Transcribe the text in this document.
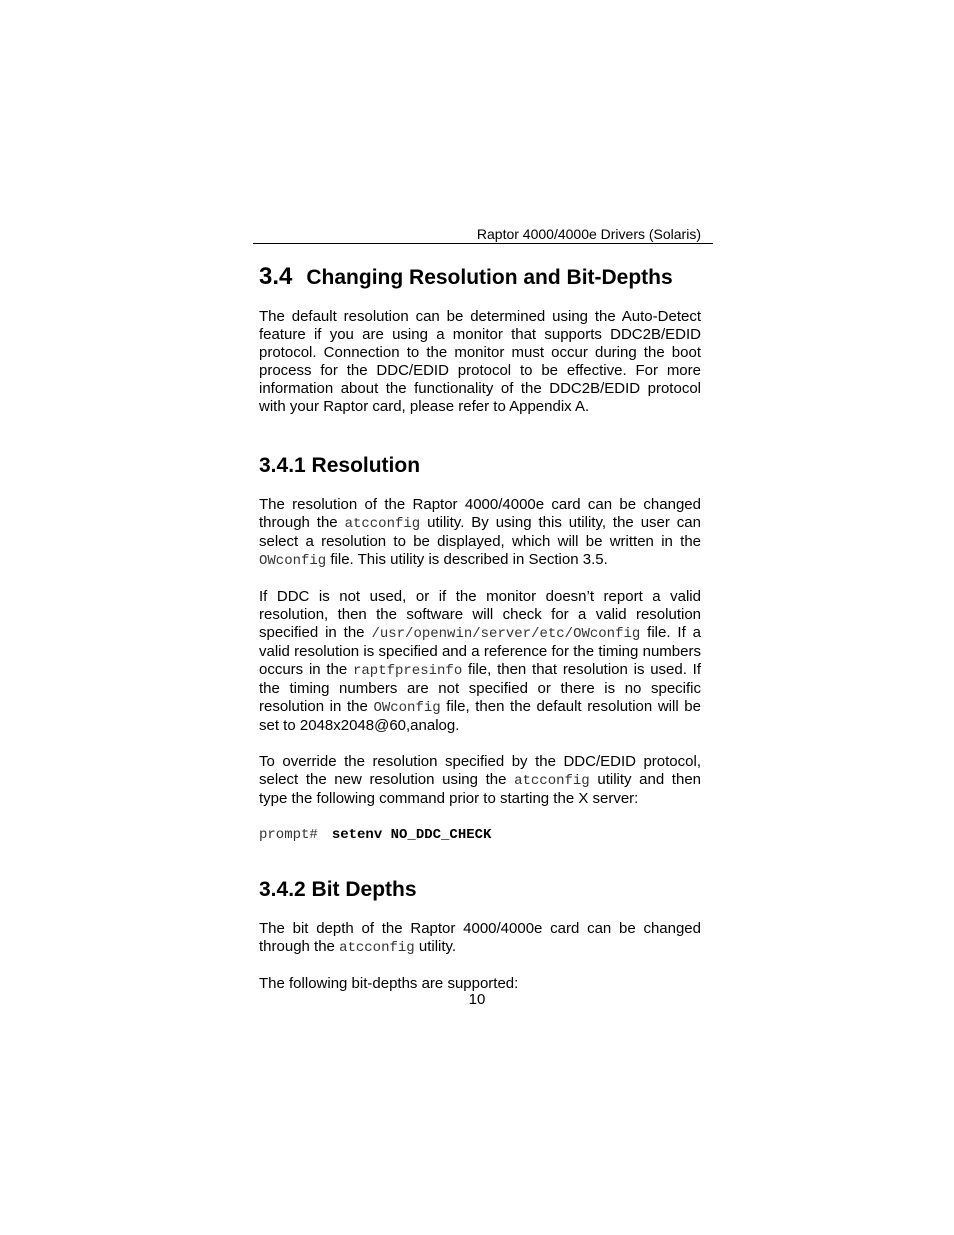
Raptor 4000/4000e Drivers (Solaris)
3.4 Changing Resolution and Bit-Depths

The default resolution can be determined using the Auto-Detect feature if you are using a monitor that supports DDC2B/EDID protocol. Connection to the monitor must occur during the boot process for the DDC/EDID protocol to be effective. For more information about the functionality of the DDC2B/EDID protocol with your Raptor card, please refer to Appendix A.

3.4.1 Resolution

The resolution of the Raptor 4000/4000e card can be changed through the atcconfig utility. By using this utility, the user can select a resolution to be displayed, which will be written in the OWconfig file. This utility is described in Section 3.5.

If DDC is not used, or if the monitor doesn’t report a valid resolution, then the software will check for a valid resolution specified in the /usr/openwin/server/etc/OWconfig file. If a valid resolution is specified and a reference for the timing numbers occurs in the raptfpresinfo file, then that resolution is used. If the timing numbers are not specified or there is no specific resolution in the OWconfig file, then the default resolution will be set to 2048x2048@60,analog.

To override the resolution specified by the DDC/EDID protocol, select the new resolution using the atcconfig utility and then type the following command prior to starting the X server:

prompt# setenv NO_DDC_CHECK
3.4.2 Bit Depths

The bit depth of the Raptor 4000/4000e card can be changed through the atcconfig utility.

The following bit-depths are supported:

10
